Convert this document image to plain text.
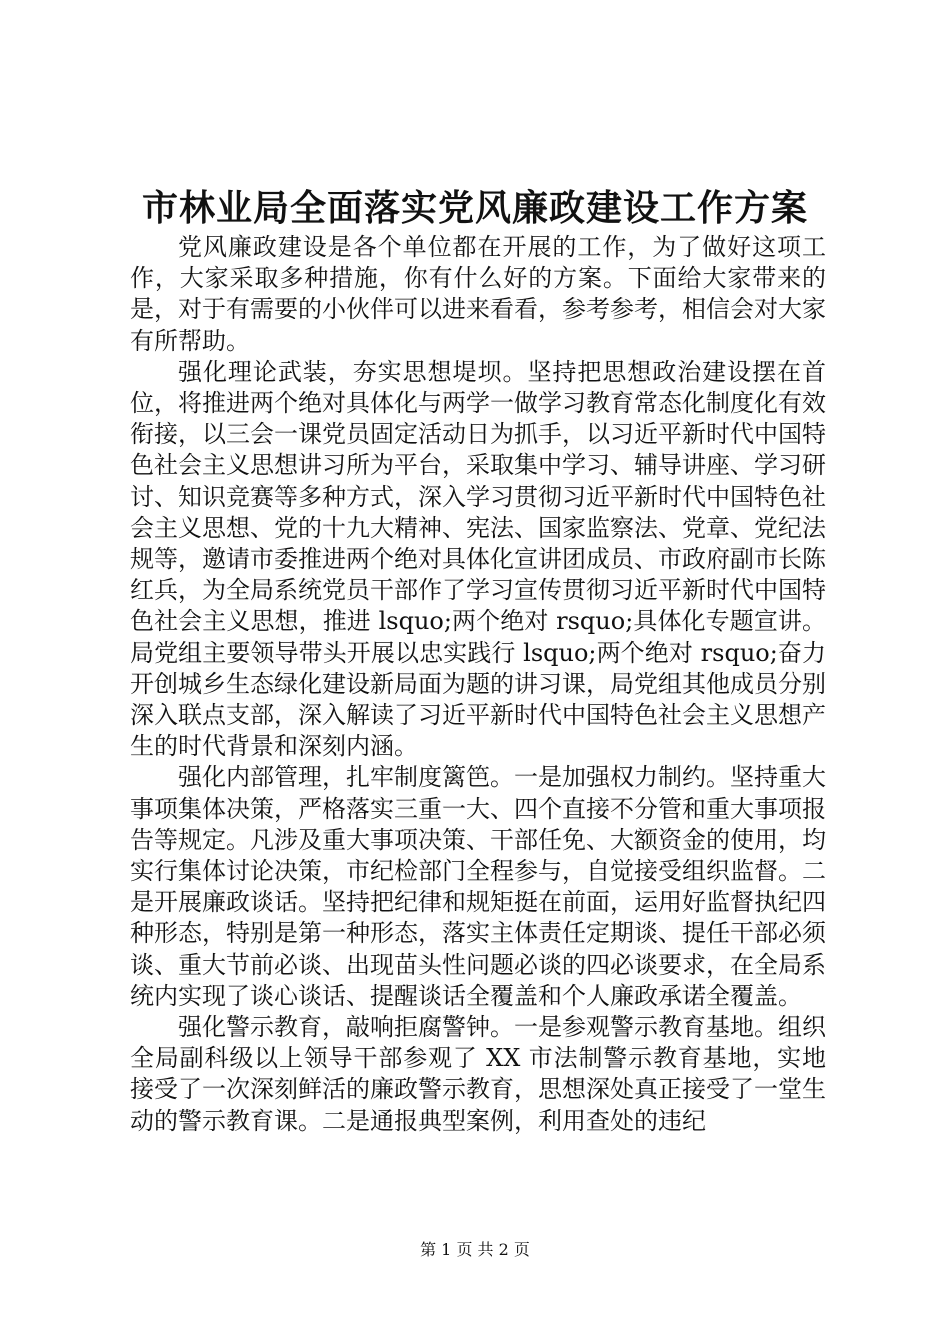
市林业局全面落实党风廉政建设工作方案

党风廉政建设是各个单位都在开展的工作，为了做好这项工作，大家采取多种措施，你有什么好的方案。下面给大家带来的是，对于有需要的小伙伴可以进来看看，参考参考，相信会对大家有所帮助。

强化理论武装，夯实思想堤坝。坚持把思想政治建设摆在首位，将推进两个绝对具体化与两学一做学习教育常态化制度化有效衔接，以三会一课党员固定活动日为抓手，以习近平新时代中国特色社会主义思想讲习所为平台，采取集中学习、辅导讲座、学习研讨、知识竞赛等多种方式，深入学习贯彻习近平新时代中国特色社会主义思想、党的十九大精神、宪法、国家监察法、党章、党纪法规等，邀请市委推进两个绝对具体化宣讲团成员、市政府副市长陈红兵，为全局系统党员干部作了学习宣传贯彻习近平新时代中国特色社会主义思想，推进 lsquo;两个绝对 rsquo;具体化专题宣讲。局党组主要领导带头开展以忠实践行 lsquo;两个绝对 rsquo;奋力开创城乡生态绿化建设新局面为题的讲习课，局党组其他成员分别深入联点支部，深入解读了习近平新时代中国特色社会主义思想产生的时代背景和深刻内涵。

强化内部管理，扎牢制度篱笆。一是加强权力制约。坚持重大事项集体决策，严格落实三重一大、四个直接不分管和重大事项报告等规定。凡涉及重大事项决策、干部任免、大额资金的使用，均实行集体讨论决策，市纪检部门全程参与，自觉接受组织监督。二是开展廉政谈话。坚持把纪律和规矩挺在前面，运用好监督执纪四种形态，特别是第一种形态，落实主体责任定期谈、提任干部必须谈、重大节前必谈、出现苗头性问题必谈的四必谈要求，在全局系统内实现了谈心谈话、提醒谈话全覆盖和个人廉政承诺全覆盖。

强化警示教育，敲响拒腐警钟。一是参观警示教育基地。组织全局副科级以上领导干部参观了 XX 市法制警示教育基地，实地接受了一次深刻鲜活的廉政警示教育，思想深处真正接受了一堂生动的警示教育课。二是通报典型案例，利用查处的违纪

第 1 页 共 2 页
